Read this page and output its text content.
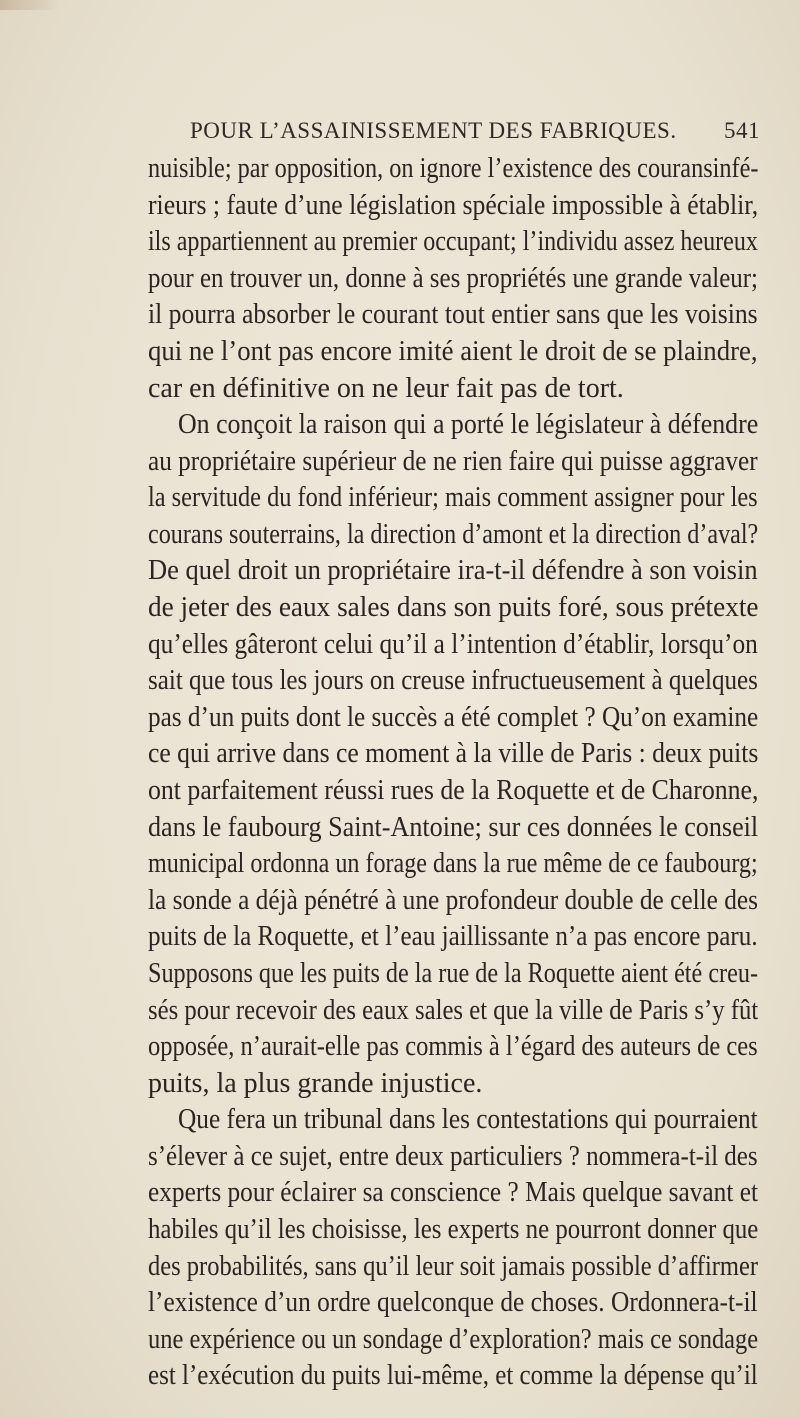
POUR L’ASSAINISSEMENT DES FABRIQUES. 541
nuisible; par opposition, on ignore l’existence des couransinfé-
rieurs ; faute d’une législation spéciale impossible à établir,
ils appartiennent au premier occupant; l’individu assez heureux
pour en trouver un, donne à ses propriétés une grande valeur;
il pourra absorber le courant tout entier sans que les voisins
qui ne l’ont pas encore imité aient le droit de se plaindre,
car en définitive on ne leur fait pas de tort.
On conçoit la raison qui a porté le législateur à défendre
au propriétaire supérieur de ne rien faire qui puisse aggraver
la servitude du fond inférieur; mais comment assigner pour les
courans souterrains, la direction d’amont et la direction d’aval?
De quel droit un propriétaire ira-t-il défendre à son voisin
de jeter des eaux sales dans son puits foré, sous prétexte
qu’elles gâteront celui qu’il a l’intention d’établir, lorsqu’on
sait que tous les jours on creuse infructueusement à quelques
pas d’un puits dont le succès a été complet ? Qu’on examine
ce qui arrive dans ce moment à la ville de Paris : deux puits
ont parfaitement réussi rues de la Roquette et de Charonne,
dans le faubourg Saint-Antoine; sur ces données le conseil
municipal ordonna un forage dans la rue même de ce faubourg;
la sonde a déjà pénétré à une profondeur double de celle des
puits de la Roquette, et l’eau jaillissante n’a pas encore paru.
Supposons que les puits de la rue de la Roquette aient été creu-
sés pour recevoir des eaux sales et que la ville de Paris s’y fût
opposée, n’aurait-elle pas commis à l’égard des auteurs de ces
puits, la plus grande injustice.
Que fera un tribunal dans les contestations qui pourraient
s’élever à ce sujet, entre deux particuliers ? nommera-t-il des
experts pour éclairer sa conscience ? Mais quelque savant et
habiles qu’il les choisisse, les experts ne pourront donner que
des probabilités, sans qu’il leur soit jamais possible d’affirmer
l’existence d’un ordre quelconque de choses. Ordonnera-t-il
une expérience ou un sondage d’exploration? mais ce sondage
est l’exécution du puits lui-même, et comme la dépense qu’il
